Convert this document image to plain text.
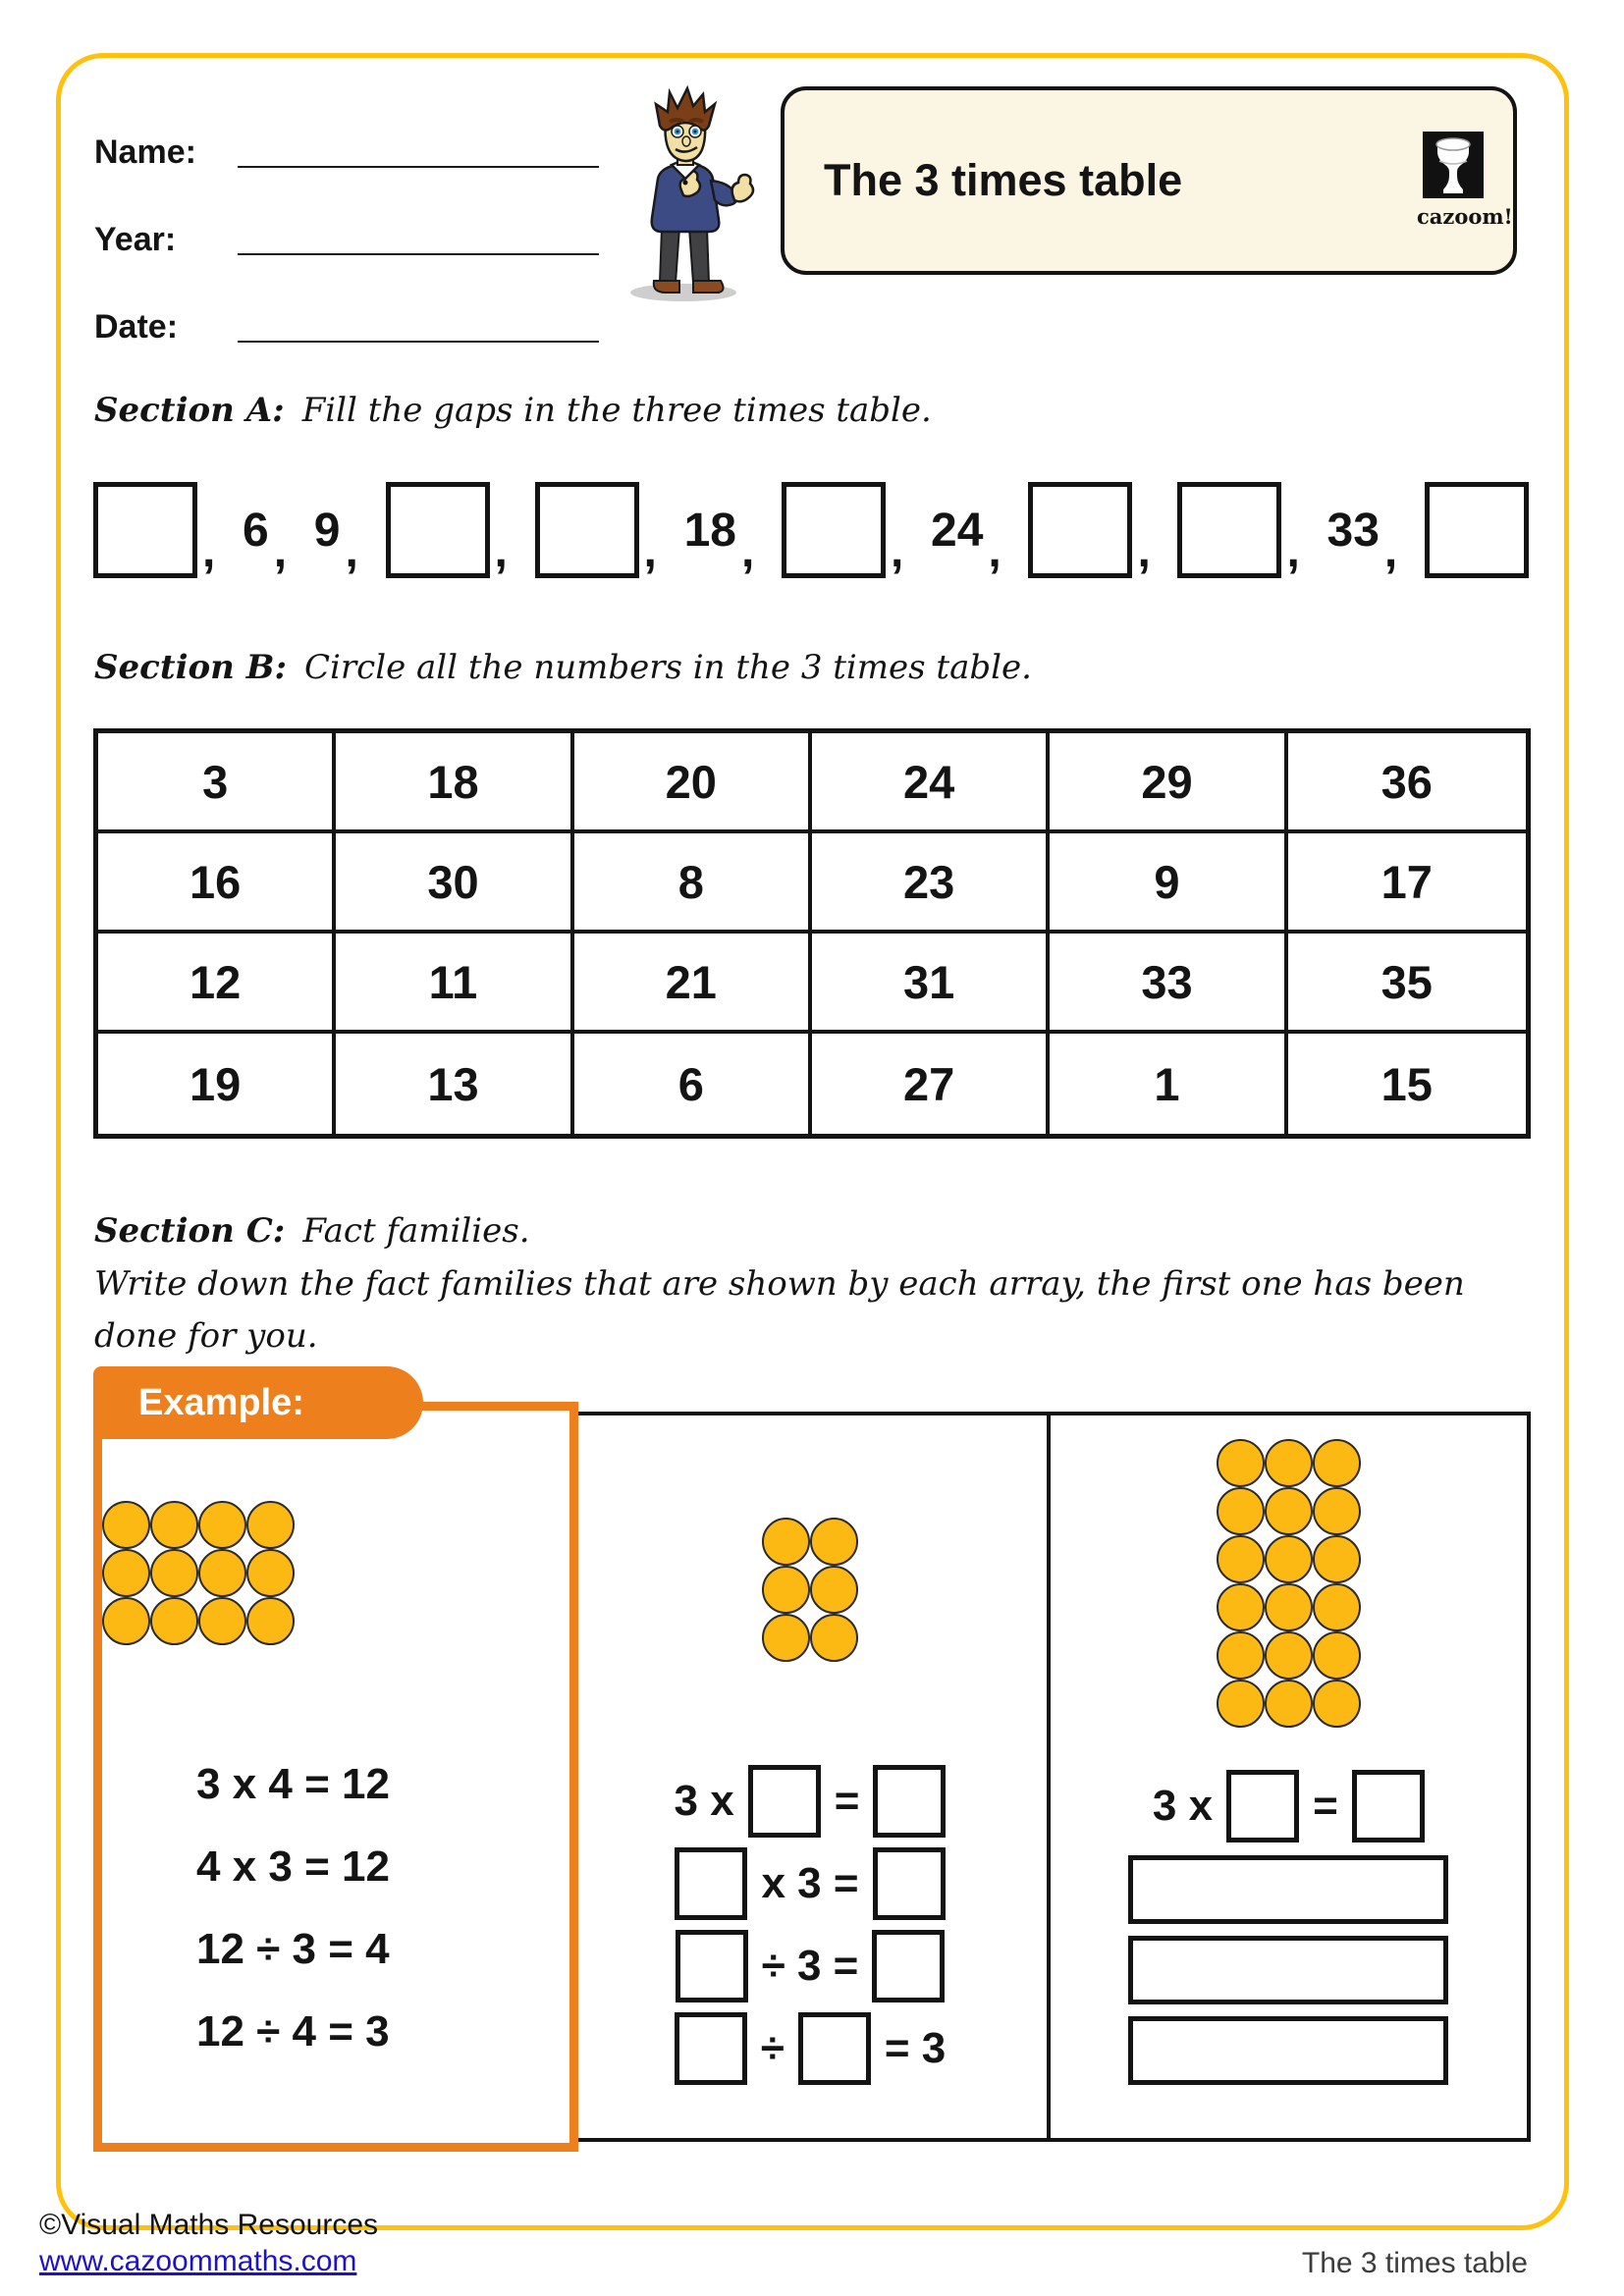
Name:
Year:
Date:
The 3 times table
cazoom!
Section A: Fill the gaps in the three times table.
, 6 , 9 ,	,	, 18 ,	, 24 ,	,	, 33 ,
Section B: Circle all the numbers in the 3 times table.
3	18	20	24	29	36
16	30	8	23	9	17
12	11	21	31	33	35
19	13	6	27	1	15
Section C: Fact families.
Write down the fact families that are shown by each array, the first one has been done for you.
3 x =
x 3 =
÷ 3 =
÷ = 3
3 x =
3 x 4 = 12
4 x 3 = 12
12 ÷ 3 = 4
12 ÷ 4 = 3
Example:
©Visual Maths Resources
www.cazoommaths.com	The 3 times table
